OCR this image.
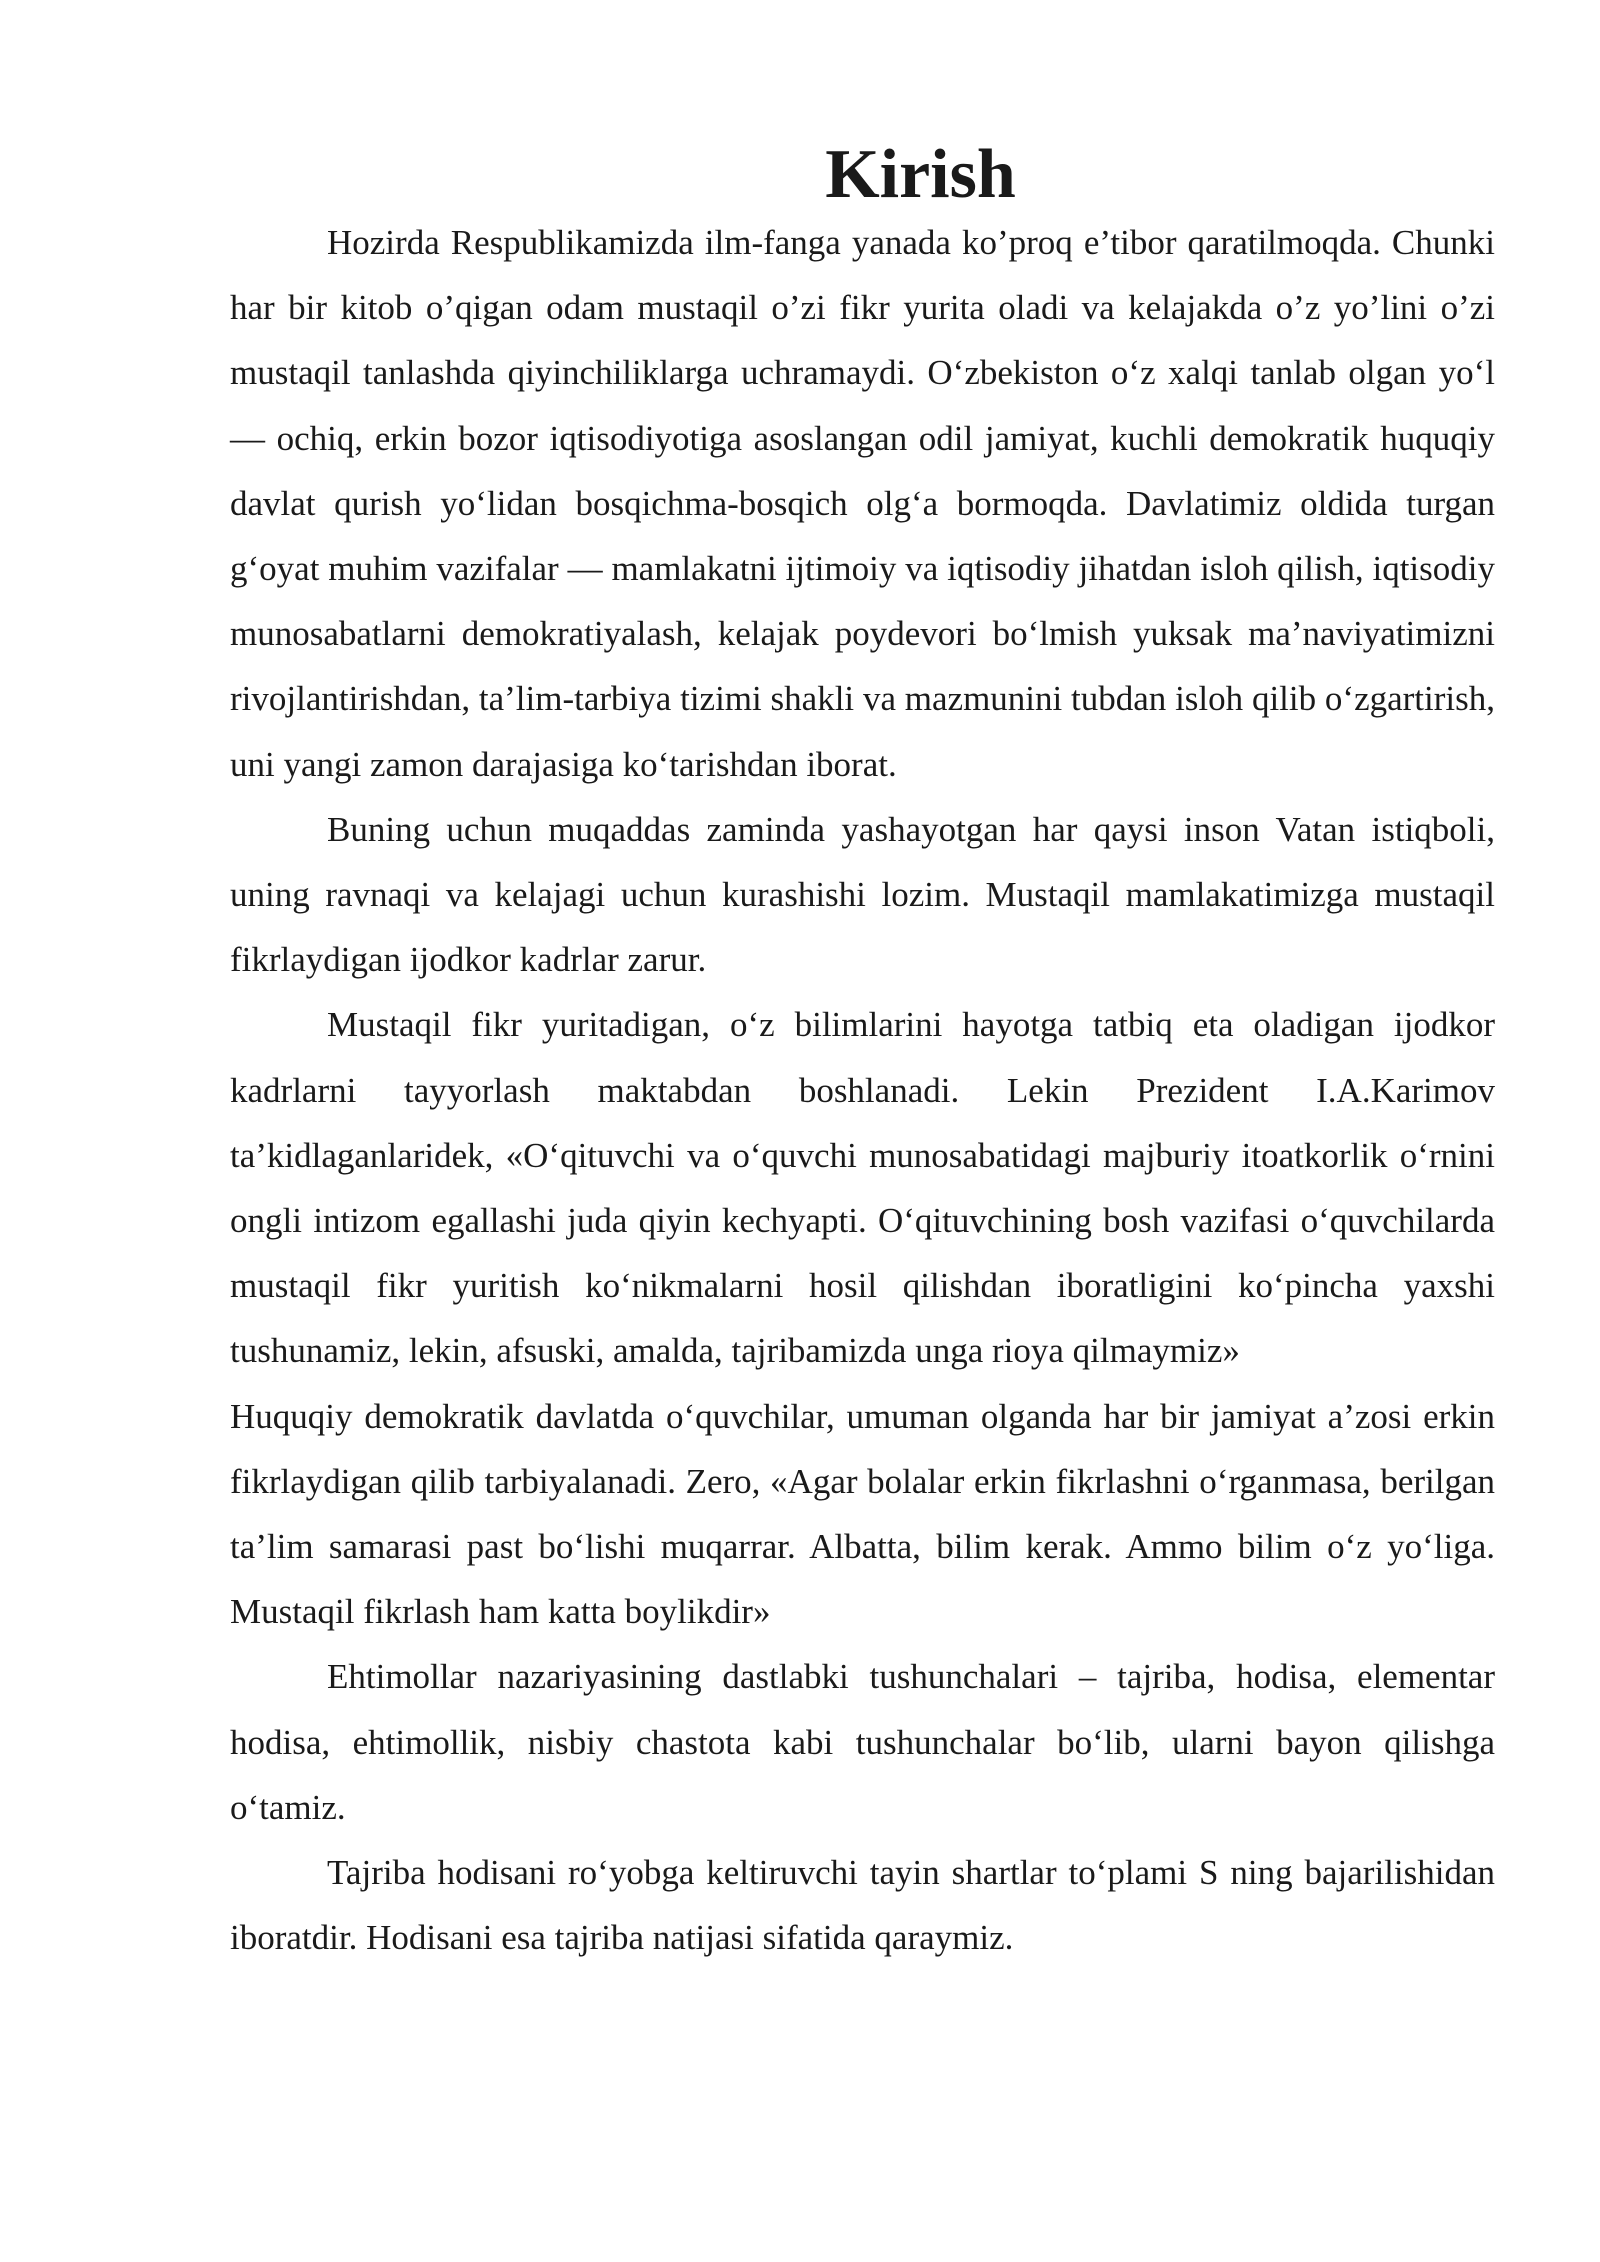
Kirish

Hozirda Respublikamizda ilm-fanga yanada ko’proq e’tibor qaratilmoqda. Chunki har bir kitob o’qigan odam mustaqil o’zi fikr yurita oladi va kelajakda o’z yo’lini o’zi mustaqil tanlashda qiyinchiliklarga uchramaydi. O‘zbekiston o‘z xalqi tanlab olgan yo‘l — ochiq, erkin bozor iqtisodiyotiga asoslangan odil jamiyat, kuchli demokratik huquqiy davlat qurish yo‘lidan bosqichma-bosqich olg‘a bormoqda. Davlatimiz oldida turgan g‘oyat muhim vazifalar — mamlakatni ijtimoiy va iqtisodiy jihatdan isloh qilish, iqtisodiy munosabatlarni demokratiyalash, kelajak poydevori bo‘lmish yuksak ma’naviyatimizni rivojlantirishdan, ta’lim-tarbiya tizimi shakli va mazmunini tubdan isloh qilib o‘zgartirish, uni yangi zamon darajasiga ko‘tarishdan iborat.

Buning uchun muqaddas zaminda yashayotgan har qaysi inson Vatan istiqboli, uning ravnaqi va kelajagi uchun kurashishi lozim. Mustaqil mamlakatimizga mustaqil fikrlaydigan ijodkor kadrlar zarur.

Mustaqil fikr yuritadigan, o‘z bilimlarini hayotga tatbiq eta oladigan ijodkor kadrlarni tayyorlash maktabdan boshlanadi. Lekin Prezident I.A.Karimov ta’kidlaganlaridek, «O‘qituvchi va o‘quvchi munosabatidagi majburiy itoatkorlik o‘rnini ongli intizom egallashi juda qiyin kechyapti. O‘qituvchining bosh vazifasi o‘quvchilarda mustaqil fikr yuritish ko‘nikmalarni hosil qilishdan iboratligini ko‘pincha yaxshi tushunamiz, lekin, afsuski, amalda, tajribamizda unga rioya qilmaymiz»

Huquqiy demokratik davlatda o‘quvchilar, umuman olganda har bir jamiyat a’zosi erkin fikrlaydigan qilib tarbiyalanadi. Zero, «Agar bolalar erkin fikrlashni o‘rganmasa, berilgan ta’lim samarasi past bo‘lishi muqarrar. Albatta, bilim kerak. Ammo bilim o‘z yo‘liga. Mustaqil fikrlash ham katta boylikdir»

Ehtimollar nazariyasining dastlabki tushunchalari – tajriba, hodisa, elementar hodisa, ehtimollik, nisbiy chastota kabi tushunchalar bo‘lib, ularni bayon qilishga o‘tamiz.

Tajriba hodisani ro‘yobga keltiruvchi tayin shartlar to‘plami S ning bajarilishidan iboratdir. Hodisani esa tajriba natijasi sifatida qaraymiz.
